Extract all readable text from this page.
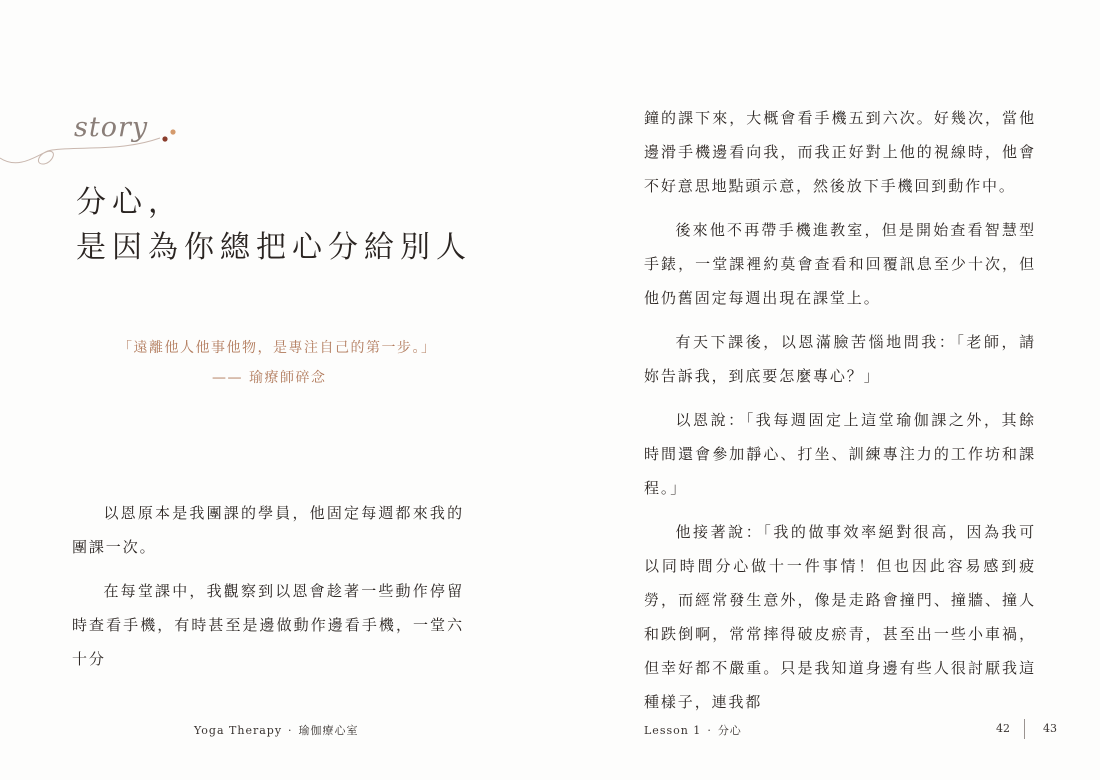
story
分心，
是因為你總把心分給別人
「遠離他人他事他物，是專注自己的第一步。」
—— 瑜療師碎念

以恩原本是我團課的學員，他固定每週都來我的團課一次。

在每堂課中，我觀察到以恩會趁著一些動作停留時查看手機，有時甚至是邊做動作邊看手機，一堂六十分

Yoga Therapy · 瑜伽療心室

鐘的課下來，大概會看手機五到六次。好幾次，當他邊滑手機邊看向我，而我正好對上他的視線時，他會不好意思地點頭示意，然後放下手機回到動作中。

後來他不再帶手機進教室，但是開始查看智慧型手錶，一堂課裡約莫會查看和回覆訊息至少十次，但他仍舊固定每週出現在課堂上。

有天下課後，以恩滿臉苦惱地問我：「老師，請妳告訴我，到底要怎麼專心？」

以恩說：「我每週固定上這堂瑜伽課之外，其餘時間還會參加靜心、打坐、訓練專注力的工作坊和課程。」

他接著說：「我的做事效率絕對很高，因為我可以同時間分心做十一件事情！但也因此容易感到疲勞，而經常發生意外，像是走路會撞門、撞牆、撞人和跌倒啊，常常摔得破皮瘀青，甚至出一些小車禍，但幸好都不嚴重。只是我知道身邊有些人很討厭我這種樣子，連我都

Lesson 1 · 分心	42	43
